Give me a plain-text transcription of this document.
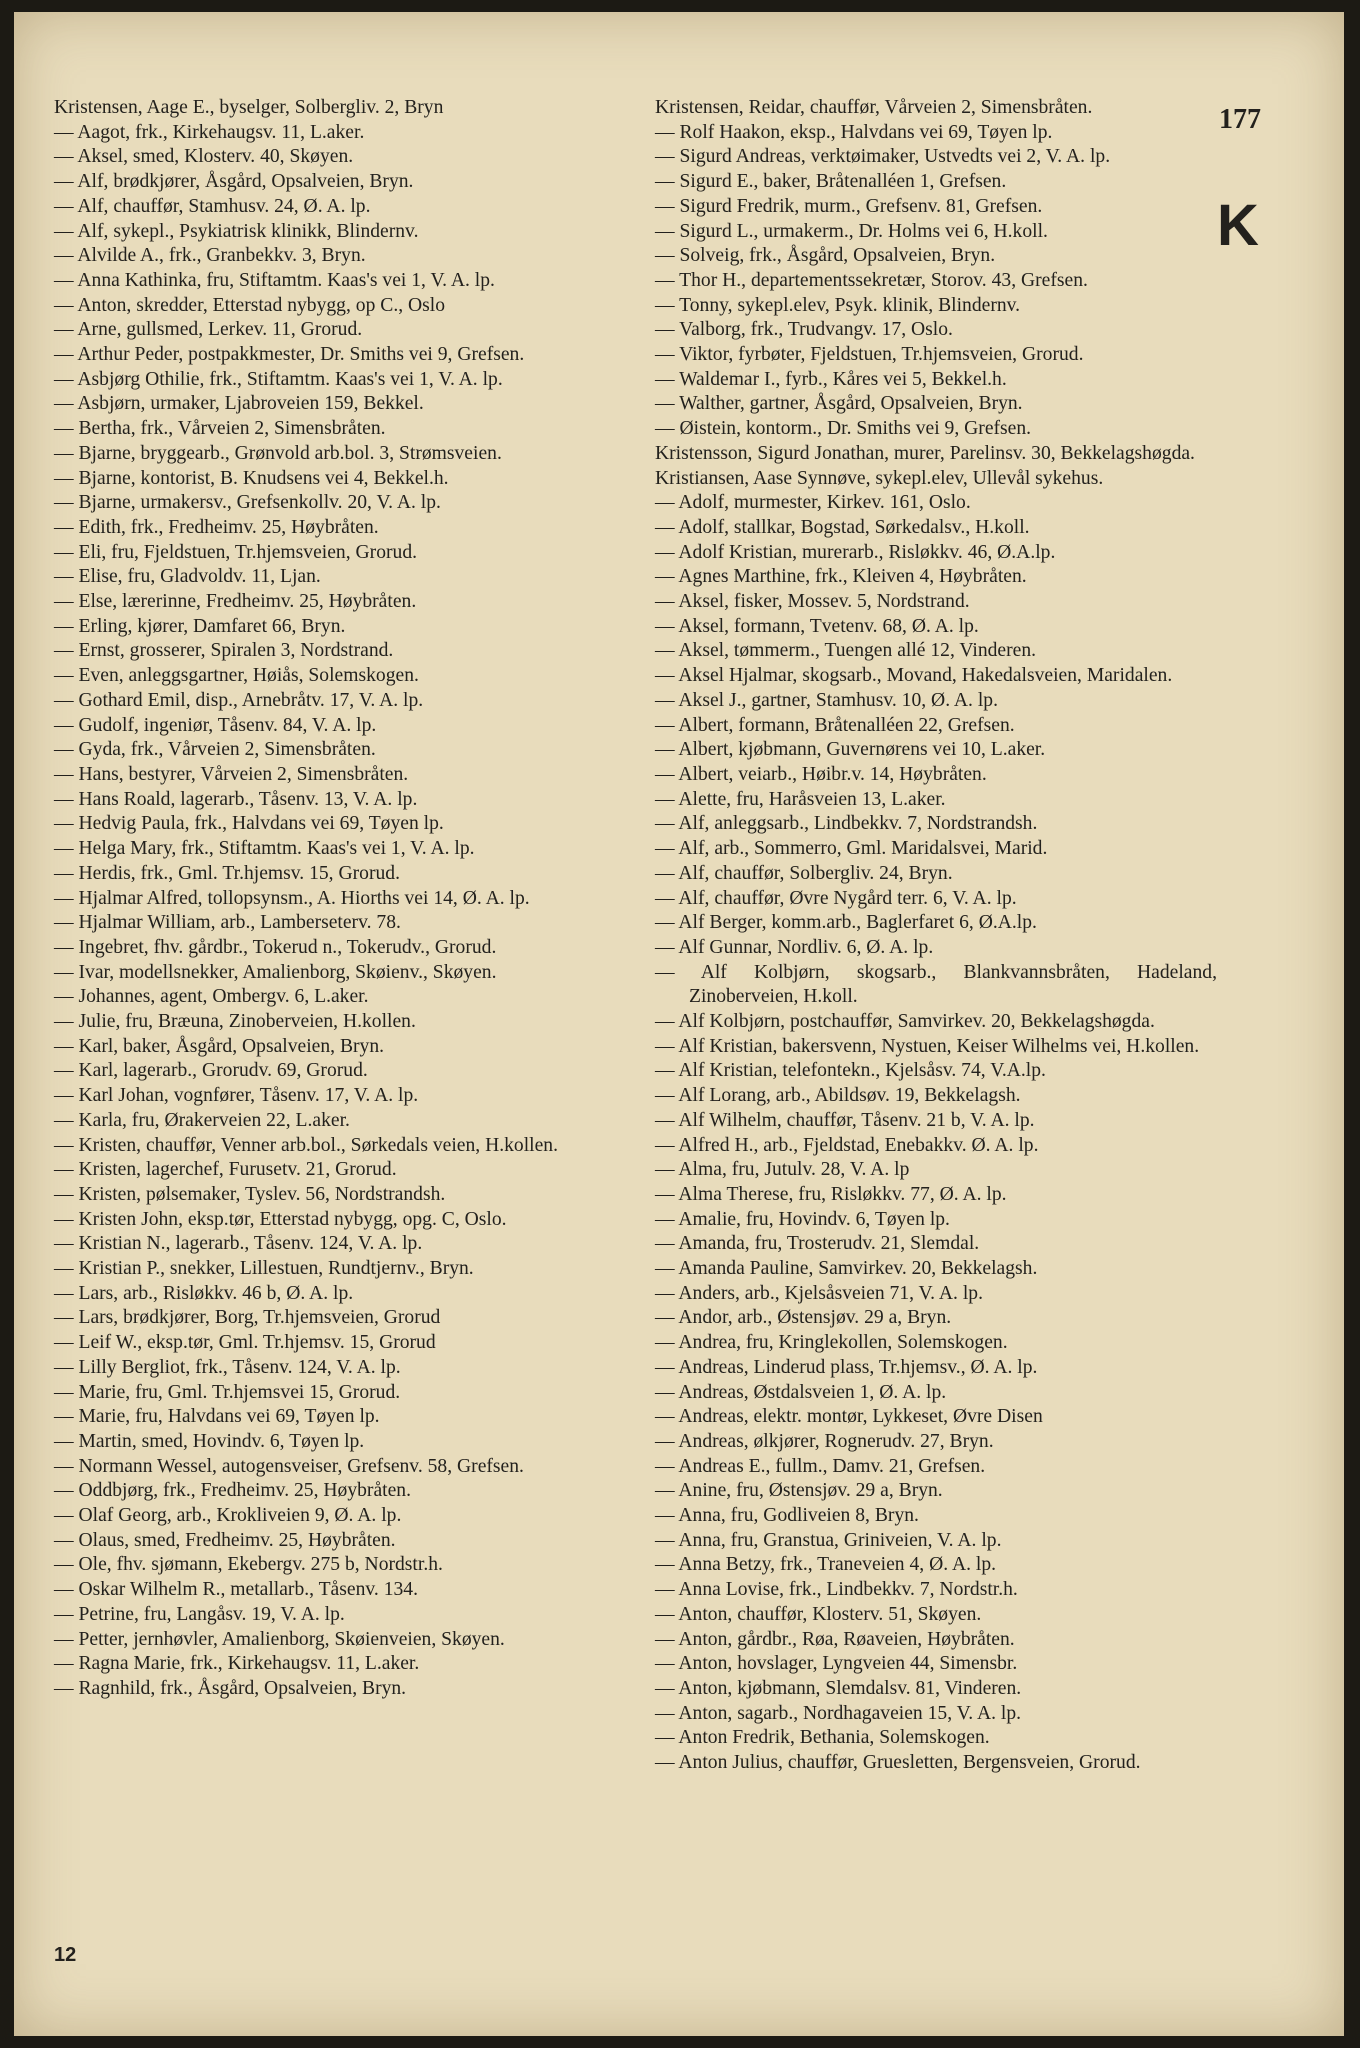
177
K
Kristensen, Aage E., byselger, Solbergliv. 2, Bryn
— Aagot, frk., Kirkehaugsv. 11, L.aker.
— Aksel, smed, Klosterv. 40, Skøyen.
— Alf, brødkjører, Åsgård, Opsalveien, Bryn.
— Alf, chauffør, Stamhusv. 24, Ø. A. lp.
— Alf, sykepl., Psykiatrisk klinikk, Blindernv.
— Alvilde A., frk., Granbekkv. 3, Bryn.
— Anna Kathinka, fru, Stiftamtm. Kaas's vei 1, V. A. lp.
— Anton, skredder, Etterstad nybygg, op C., Oslo
— Arne, gullsmed, Lerkev. 11, Grorud.
— Arthur Peder, postpakkmester, Dr. Smiths vei 9, Grefsen.
— Asbjørg Othilie, frk., Stiftamtm. Kaas's vei 1, V. A. lp.
— Asbjørn, urmaker, Ljabroveien 159, Bekkel.
— Bertha, frk., Vårveien 2, Simensbråten.
— Bjarne, bryggearb., Grønvold arb.bol. 3, Strømsveien.
— Bjarne, kontorist, B. Knudsens vei 4, Bekkel.h.
— Bjarne, urmakersv., Grefsenkollv. 20, V. A. lp.
— Edith, frk., Fredheimv. 25, Høybråten.
— Eli, fru, Fjeldstuen, Tr.hjemsveien, Grorud.
— Elise, fru, Gladvoldv. 11, Ljan.
— Else, lærerinne, Fredheimv. 25, Høybråten.
— Erling, kjører, Damfaret 66, Bryn.
— Ernst, grosserer, Spiralen 3, Nordstrand.
— Even, anleggsgartner, Høiås, Solemskogen.
— Gothard Emil, disp., Arnebråtv. 17, V. A. lp.
— Gudolf, ingeniør, Tåsenv. 84, V. A. lp.
— Gyda, frk., Vårveien 2, Simensbråten.
— Hans, bestyrer, Vårveien 2, Simensbråten.
— Hans Roald, lagerarb., Tåsenv. 13, V. A. lp.
— Hedvig Paula, frk., Halvdans vei 69, Tøyen lp.
— Helga Mary, frk., Stiftamtm. Kaas's vei 1, V. A. lp.
— Herdis, frk., Gml. Tr.hjemsv. 15, Grorud.
— Hjalmar Alfred, tollopsynsm., A. Hiorths vei 14, Ø. A. lp.
— Hjalmar William, arb., Lamberseterv. 78.
— Ingebret, fhv. gårdbr., Tokerud n., Tokerudv., Grorud.
— Ivar, modellsnekker, Amalienborg, Skøienv., Skøyen.
— Johannes, agent, Ombergv. 6, L.aker.
— Julie, fru, Bræuna, Zinoberveien, H.kollen.
— Karl, baker, Åsgård, Opsalveien, Bryn.
— Karl, lagerarb., Grorudv. 69, Grorud.
— Karl Johan, vognfører, Tåsenv. 17, V. A. lp.
— Karla, fru, Ørakerveien 22, L.aker.
— Kristen, chauffør, Venner arb.bol., Sørkedals veien, H.kollen.
— Kristen, lagerchef, Furusetv. 21, Grorud.
— Kristen, pølsemaker, Tyslev. 56, Nordstrandsh.
— Kristen John, eksp.tør, Etterstad nybygg, opg. C, Oslo.
— Kristian N., lagerarb., Tåsenv. 124, V. A. lp.
— Kristian P., snekker, Lillestuen, Rundtjernv., Bryn.
— Lars, arb., Risløkkv. 46 b, Ø. A. lp.
— Lars, brødkjører, Borg, Tr.hjemsveien, Grorud
— Leif W., eksp.tør, Gml. Tr.hjemsv. 15, Grorud
— Lilly Bergliot, frk., Tåsenv. 124, V. A. lp.
— Marie, fru, Gml. Tr.hjemsvei 15, Grorud.
— Marie, fru, Halvdans vei 69, Tøyen lp.
— Martin, smed, Hovindv. 6, Tøyen lp.
— Normann Wessel, autogensveiser, Grefsenv. 58, Grefsen.
— Oddbjørg, frk., Fredheimv. 25, Høybråten.
— Olaf Georg, arb., Krokliveien 9, Ø. A. lp.
— Olaus, smed, Fredheimv. 25, Høybråten.
— Ole, fhv. sjømann, Ekebergv. 275 b, Nordstr.h.
— Oskar Wilhelm R., metallarb., Tåsenv. 134.
— Petrine, fru, Langåsv. 19, V. A. lp.
— Petter, jernhøvler, Amalienborg, Skøienveien, Skøyen.
— Ragna Marie, frk., Kirkehaugsv. 11, L.aker.
— Ragnhild, frk., Åsgård, Opsalveien, Bryn.
Kristensen, Reidar, chauffør, Vårveien 2, Simensbråten.
— Rolf Haakon, eksp., Halvdans vei 69, Tøyen lp.
— Sigurd Andreas, verktøimaker, Ustvedts vei 2, V. A. lp.
— Sigurd E., baker, Bråtenalléen 1, Grefsen.
— Sigurd Fredrik, murm., Grefsenv. 81, Grefsen.
— Sigurd L., urmakerm., Dr. Holms vei 6, H.koll.
— Solveig, frk., Åsgård, Opsalveien, Bryn.
— Thor H., departementssekretær, Storov. 43, Grefsen.
— Tonny, sykepl.elev, Psyk. klinik, Blindernv.
— Valborg, frk., Trudvangv. 17, Oslo.
— Viktor, fyrbøter, Fjeldstuen, Tr.hjemsveien, Grorud.
— Waldemar I., fyrb., Kåres vei 5, Bekkel.h.
— Walther, gartner, Åsgård, Opsalveien, Bryn.
— Øistein, kontorm., Dr. Smiths vei 9, Grefsen.
Kristensson, Sigurd Jonathan, murer, Parelinsv. 30, Bekkelagshøgda.
Kristiansen, Aase Synnøve, sykepl.elev, Ullevål sykehus.
— Adolf, murmester, Kirkev. 161, Oslo.
— Adolf, stallkar, Bogstad, Sørkedalsv., H.koll.
— Adolf Kristian, murerarb., Risløkkv. 46, Ø.A.lp.
— Agnes Marthine, frk., Kleiven 4, Høybråten.
— Aksel, fisker, Mossev. 5, Nordstrand.
— Aksel, formann, Tvetenv. 68, Ø. A. lp.
— Aksel, tømmerm., Tuengen allé 12, Vinderen.
— Aksel Hjalmar, skogsarb., Movand, Hakedalsveien, Maridalen.
— Aksel J., gartner, Stamhusv. 10, Ø. A. lp.
— Albert, formann, Bråtenalléen 22, Grefsen.
— Albert, kjøbmann, Guvernørens vei 10, L.aker.
— Albert, veiarb., Høibr.v. 14, Høybråten.
— Alette, fru, Haråsveien 13, L.aker.
— Alf, anleggsarb., Lindbekkv. 7, Nordstrandsh.
— Alf, arb., Sommerro, Gml. Maridalsvei, Marid.
— Alf, chauffør, Solbergliv. 24, Bryn.
— Alf, chauffør, Øvre Nygård terr. 6, V. A. lp.
— Alf Berger, komm.arb., Baglerfaret 6, Ø.A.lp.
— Alf Gunnar, Nordliv. 6, Ø. A. lp.
— Alf Kolbjørn, skogsarb., Blankvannsbråten, Hadeland, Zinoberveien, H.koll.
— Alf Kolbjørn, postchauffør, Samvirkev. 20, Bekkelagshøgda.
— Alf Kristian, bakersvenn, Nystuen, Keiser Wilhelms vei, H.kollen.
— Alf Kristian, telefontekn., Kjelsåsv. 74, V.A.lp.
— Alf Lorang, arb., Abildsøv. 19, Bekkelagsh.
— Alf Wilhelm, chauffør, Tåsenv. 21 b, V. A. lp.
— Alfred H., arb., Fjeldstad, Enebakkv. Ø. A. lp.
— Alma, fru, Jutulv. 28, V. A. lp
— Alma Therese, fru, Risløkkv. 77, Ø. A. lp.
— Amalie, fru, Hovindv. 6, Tøyen lp.
— Amanda, fru, Trosterudv. 21, Slemdal.
— Amanda Pauline, Samvirkev. 20, Bekkelagsh.
— Anders, arb., Kjelsåsveien 71, V. A. lp.
— Andor, arb., Østensjøv. 29 a, Bryn.
— Andrea, fru, Kringlekollen, Solemskogen.
— Andreas, Linderud plass, Tr.hjemsv., Ø. A. lp.
— Andreas, Østdalsveien 1, Ø. A. lp.
— Andreas, elektr. montør, Lykkeset, Øvre Disen
— Andreas, ølkjører, Rognerudv. 27, Bryn.
— Andreas E., fullm., Damv. 21, Grefsen.
— Anine, fru, Østensjøv. 29 a, Bryn.
— Anna, fru, Godliveien 8, Bryn.
— Anna, fru, Granstua, Griniveien, V. A. lp.
— Anna Betzy, frk., Traneveien 4, Ø. A. lp.
— Anna Lovise, frk., Lindbekkv. 7, Nordstr.h.
— Anton, chauffør, Klosterv. 51, Skøyen.
— Anton, gårdbr., Røa, Røaveien, Høybråten.
— Anton, hovslager, Lyngveien 44, Simensbr.
— Anton, kjøbmann, Slemdalsv. 81, Vinderen.
— Anton, sagarb., Nordhagaveien 15, V. A. lp.
— Anton Fredrik, Bethania, Solemskogen.
— Anton Julius, chauffør, Gruesletten, Bergensveien, Grorud.
12
